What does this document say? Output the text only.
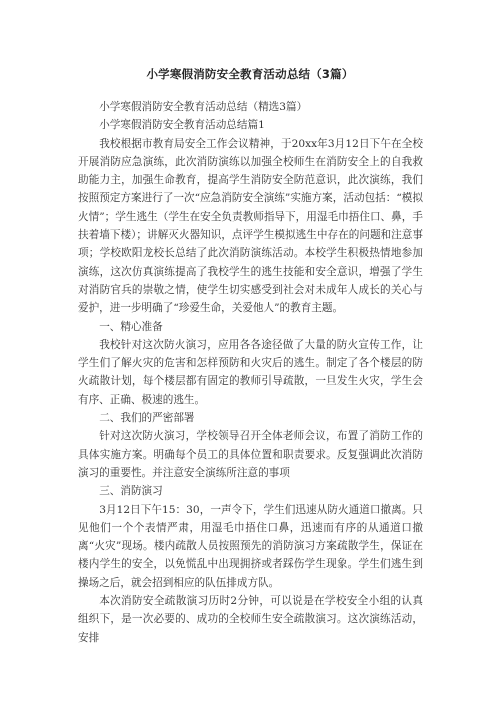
小学寒假消防安全教育活动总结（3篇）

小学寒假消防安全教育活动总结（精选3篇）

小学寒假消防安全教育活动总结篇1

我校根据市教育局安全工作会议精神，于20xx年3月12日下午在全校开展消防应急演练，此次消防演练以加强全校师生在消防安全上的自我救助能力主，加强生命教育，提高学生消防安全防范意识，此次演练，我们按照预定方案进行了一次“应急消防安全演练”实施方案，活动包括：“模拟火情”；学生逃生（学生在安全负责教师指导下，用湿毛巾捂住口、鼻，手扶着墙下楼）；讲解灭火器知识，点评学生模拟逃生中存在的问题和注意事项；学校欧阳龙校长总结了此次消防演练活动。本校学生积极热情地参加演练，这次仿真演练提高了我校学生的逃生技能和安全意识，增强了学生对消防官兵的崇敬之情，使学生切实感受到社会对未成年人成长的关心与爱护，进一步明确了“珍爱生命，关爱他人”的教育主题。

一、精心准备

我校针对这次防火演习，应用各各途径做了大量的防火宣传工作，让学生们了解火灾的危害和怎样预防和火灾后的逃生。制定了各个楼层的防火疏散计划，每个楼层都有固定的教师引导疏散，一旦发生火灾，学生会有序、正确、极速的逃生。

二、我们的严密部署

针对这次防火演习，学校领导召开全体老师会议，布置了消防工作的具体实施方案。明确每个员工的具体位置和职责要求。反复强调此次消防演习的重要性。并注意安全演练所注意的事项

三、消防演习

3月12日下午15：30，一声令下，学生们迅速从防火通道口撤离。只见他们一个个表情严肃，用湿毛巾捂住口鼻，迅速而有序的从通道口撤离“火灾”现场。楼内疏散人员按照预先的消防演习方案疏散学生，保证在楼内学生的安全，以免慌乱中出现拥挤或者踩伤学生现象。学生们逃生到操场之后，就会招到相应的队伍排成方队。

本次消防安全疏散演习历时2分钟，可以说是在学校安全小组的认真组织下，是一次必要的、成功的全校师生安全疏散演习。这次演练活动，安排
